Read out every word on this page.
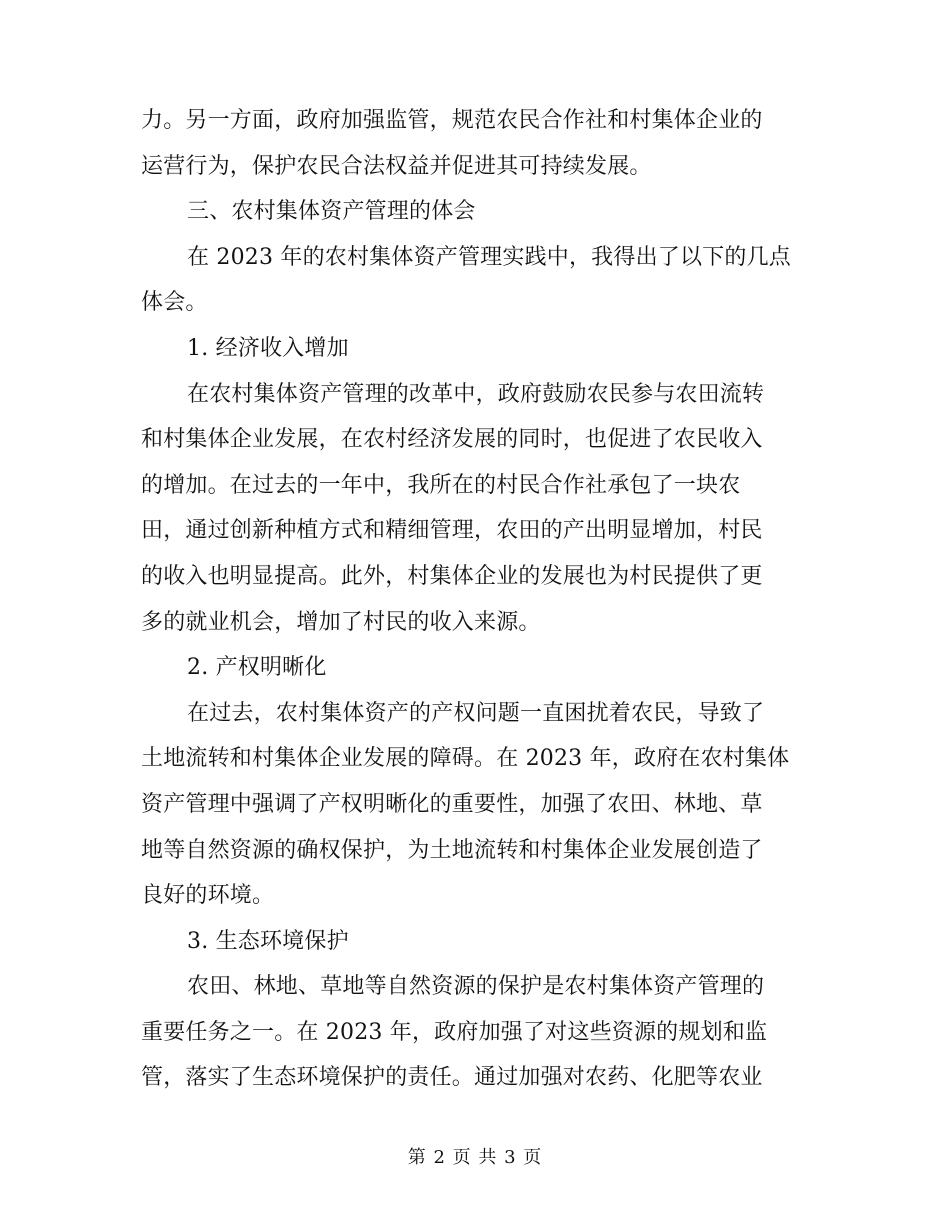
力。另一方面，政府加强监管，规范农民合作社和村集体企业的
运营行为，保护农民合法权益并促进其可持续发展。
三、农村集体资产管理的体会
在 2023 年的农村集体资产管理实践中，我得出了以下的几点
体会。
1. 经济收入增加
在农村集体资产管理的改革中，政府鼓励农民参与农田流转
和村集体企业发展，在农村经济发展的同时，也促进了农民收入
的增加。在过去的一年中，我所在的村民合作社承包了一块农
田，通过创新种植方式和精细管理，农田的产出明显增加，村民
的收入也明显提高。此外，村集体企业的发展也为村民提供了更
多的就业机会，增加了村民的收入来源。
2. 产权明晰化
在过去，农村集体资产的产权问题一直困扰着农民，导致了
土地流转和村集体企业发展的障碍。在 2023 年，政府在农村集体
资产管理中强调了产权明晰化的重要性，加强了农田、林地、草
地等自然资源的确权保护，为土地流转和村集体企业发展创造了
良好的环境。
3. 生态环境保护
农田、林地、草地等自然资源的保护是农村集体资产管理的
重要任务之一。在 2023 年，政府加强了对这些资源的规划和监
管，落实了生态环境保护的责任。通过加强对农药、化肥等农业
第 2 页 共 3 页
